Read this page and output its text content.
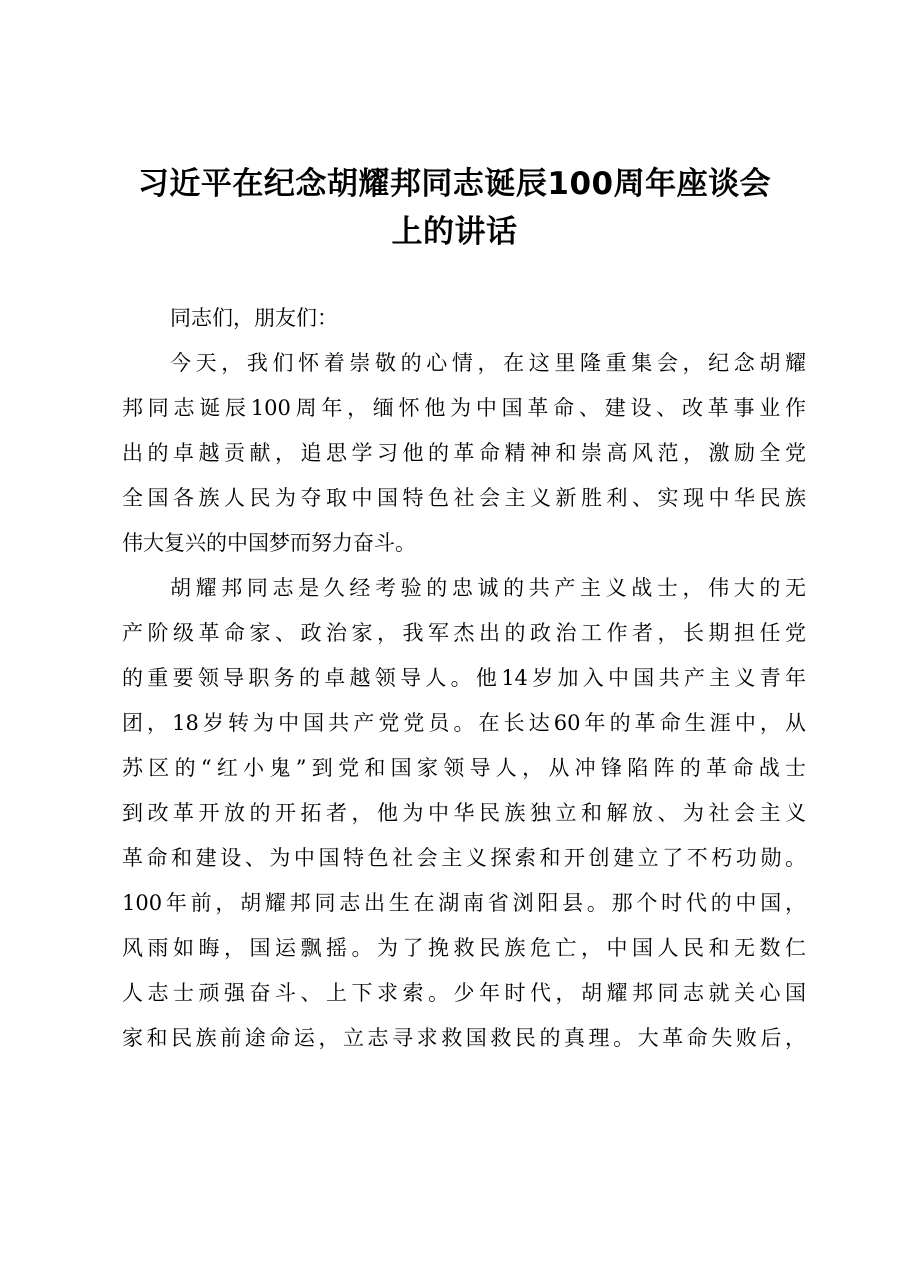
习近平在纪念胡耀邦同志诞辰100周年座谈会
上的讲话
同志们，朋友们：
今天，我们怀着崇敬的心情，在这里隆重集会，纪念胡耀
邦同志诞辰100周年，缅怀他为中国革命、建设、改革事业作
出的卓越贡献，追思学习他的革命精神和崇高风范，激励全党
全国各族人民为夺取中国特色社会主义新胜利、实现中华民族
伟大复兴的中国梦而努力奋斗。
胡耀邦同志是久经考验的忠诚的共产主义战士，伟大的无
产阶级革命家、政治家，我军杰出的政治工作者，长期担任党
的重要领导职务的卓越领导人。他14岁加入中国共产主义青年
团，18岁转为中国共产党党员。在长达60年的革命生涯中，从
苏区的“红小鬼”到党和国家领导人，从冲锋陷阵的革命战士
到改革开放的开拓者，他为中华民族独立和解放、为社会主义
革命和建设、为中国特色社会主义探索和开创建立了不朽功勋。
100年前，胡耀邦同志出生在湖南省浏阳县。那个时代的中国，
风雨如晦，国运飘摇。为了挽救民族危亡，中国人民和无数仁
人志士顽强奋斗、上下求索。少年时代，胡耀邦同志就关心国
家和民族前途命运，立志寻求救国救民的真理。大革命失败后，
